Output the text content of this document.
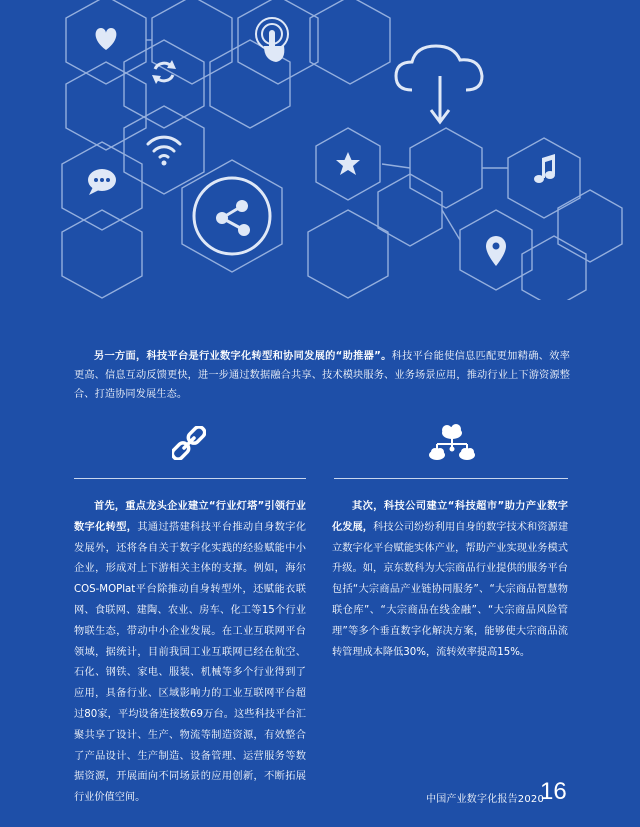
另一方面，科技平台是行业数字化转型和协同发展的“助推器”。科技平台能使信息匹配更加精确、效率更高、信息互动反馈更快，进一步通过数据融合共享、技术模块服务、业务场景应用，推动行业上下游资源整合、打造协同发展生态。

首先，重点龙头企业建立“行业灯塔”引领行业数字化转型，其通过搭建科技平台推动自身数字化发展外，还将各自关于数字化实践的经验赋能中小企业，形成对上下游相关主体的支撑。例如，海尔COS-MOPlat平台除推动自身转型外，还赋能衣联网、食联网、建陶、农业、房车、化工等15个行业物联生态，带动中小企业发展。在工业互联网平台领域，据统计，目前我国工业互联网已经在航空、石化、钢铁、家电、服装、机械等多个行业得到了应用，具备行业、区域影响力的工业互联网平台超过80家，平均设备连接数69万台。这些科技平台汇聚共享了设计、生产、物流等制造资源，有效整合了产品设计、生产制造、设备管理、运营服务等数据资源，开展面向不同场景的应用创新，不断拓展行业价值空间。

其次，科技公司建立“科技超市”助力产业数字化发展，科技公司纷纷利用自身的数字技术和资源建立数字化平台赋能实体产业，帮助产业实现业务模式升级。如，京东数科为大宗商品行业提供的服务平台包括“大宗商品产业链协同服务”、“大宗商品智慧物联仓库”、“大宗商品在线金融”、“大宗商品风险管理”等多个垂直数字化解决方案，能够使大宗商品流转管理成本降低30%，流转效率提高15%。

中国产业数字化报告2020
16
